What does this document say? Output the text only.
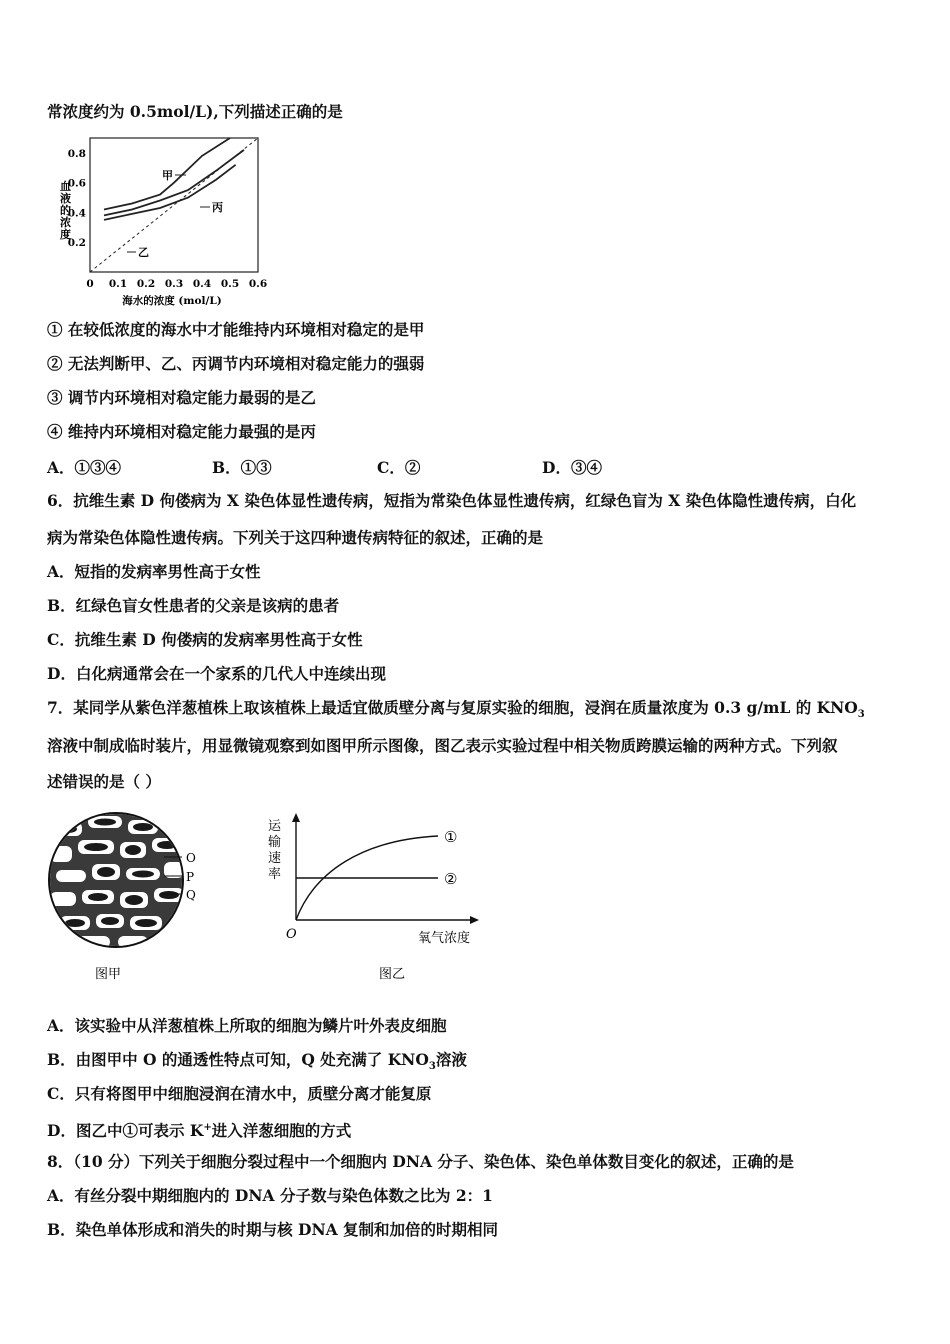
常浓度约为 0.5mol/L),下列描述正确的是
血
液
的
浓
度
0.8
0.6
0.4
0.2
0 0.1 0.2 0.3 0.4 0.5 0.6
海水的浓度 (mol/L)
甲
丙
乙
① 在较低浓度的海水中才能维持内环境相对稳定的是甲
② 无法判断甲、乙、丙调节内环境相对稳定能力的强弱
③ 调节内环境相对稳定能力最弱的是乙
④ 维持内环境相对稳定能力最强的是丙
A．①③④	B．①③	C．②	D．③④
6．抗维生素 D 佝偻病为 X 染色体显性遗传病，短指为常染色体显性遗传病，红绿色盲为 X 染色体隐性遗传病，白化
病为常染色体隐性遗传病。下列关于这四种遗传病特征的叙述，正确的是
A．短指的发病率男性高于女性
B．红绿色盲女性患者的父亲是该病的患者
C．抗维生素 D 佝偻病的发病率男性高于女性
D．白化病通常会在一个家系的几代人中连续出现
7．某同学从紫色洋葱植株上取该植株上最适宜做质壁分离与复原实验的细胞，浸润在质量浓度为 0.3 g/mL 的 $KNO_3$
溶液中制成临时装片，用显微镜观察到如图甲所示图像，图乙表示实验过程中相关物质跨膜运输的两种方式。下列叙
述错误的是（ ）
O
P
Q
图甲
运
输
速
率
O	氧气浓度
①
②
图乙
A．该实验中从洋葱植株上所取的细胞为鳞片叶外表皮细胞
B．由图甲中 O 的通透性特点可知，Q 处充满了 $KNO_3$溶液
C．只有将图甲中细胞浸润在清水中，质壁分离才能复原
D．图乙中①可表示 K+进入洋葱细胞的方式
8．（10 分）下列关于细胞分裂过程中一个细胞内 DNA 分子、染色体、染色单体数目变化的叙述，正确的是
A．有丝分裂中期细胞内的 DNA 分子数与染色体数之比为 2：1
B．染色单体形成和消失的时期与核 DNA 复制和加倍的时期相同
